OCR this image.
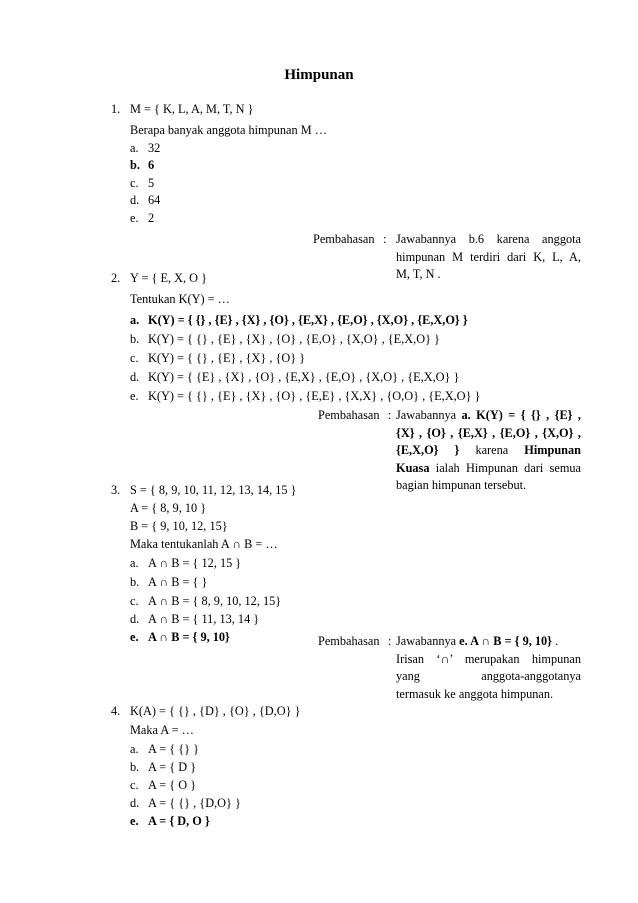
Himpunan
1. M = { K, L, A, M, T, N }
Berapa banyak anggota himpunan M …
a. 32
b. 6
c. 5
d. 64
e. 2
Pembahasan : Jawabannya b.6 karena anggota
himpunan M terdiri dari K, L, A,
M, T, N .
2. Y = { E, X, O }
Tentukan K(Y) = …
a. K(Y) = { {} , {E} , {X} , {O} , {E,X} , {E,O} , {X,O} , {E,X,O} }
b. K(Y) = { {} , {E} , {X} , {O} , {E,O} , {X,O} , {E,X,O} }
c. K(Y) = { {} , {E} , {X} , {O} }
d. K(Y) = { {E} , {X} , {O} , {E,X} , {E,O} , {X,O} , {E,X,O} }
e. K(Y) = { {} , {E} , {X} , {O} , {E,E} , {X,X} , {O,O} , {E,X,O} }
Pembahasan : Jawabannya a. K(Y) = { {} , {E} ,
{X} , {O} , {E,X} , {E,O} , {X,O} ,
{E,X,O} } karena Himpunan
Kuasa ialah Himpunan dari semua
bagian himpunan tersebut.
3. S = { 8, 9, 10, 11, 12, 13, 14, 15 }
A = { 8, 9, 10 }
B = { 9, 10, 12, 15}
Maka tentukanlah A ∩ B = …
a. A ∩ B = { 12, 15 }
b. A ∩ B = { }
c. A ∩ B = { 8, 9, 10, 12, 15}
d. A ∩ B = { 11, 13, 14 }
e. A ∩ B = { 9, 10}	Pembahasan : Jawabannya e. A ∩ B = { 9, 10} .
Irisan ‘∩’ merupakan himpunan
yang anggota-anggotanya
termasuk ke anggota himpunan.
4. K(A) = { {} , {D} , {O} , {D,O} }
Maka A = …
a. A = { {} }
b. A = { D }
c. A = { O }
d. A = { {} , {D,O} }
e. A = { D, O }
